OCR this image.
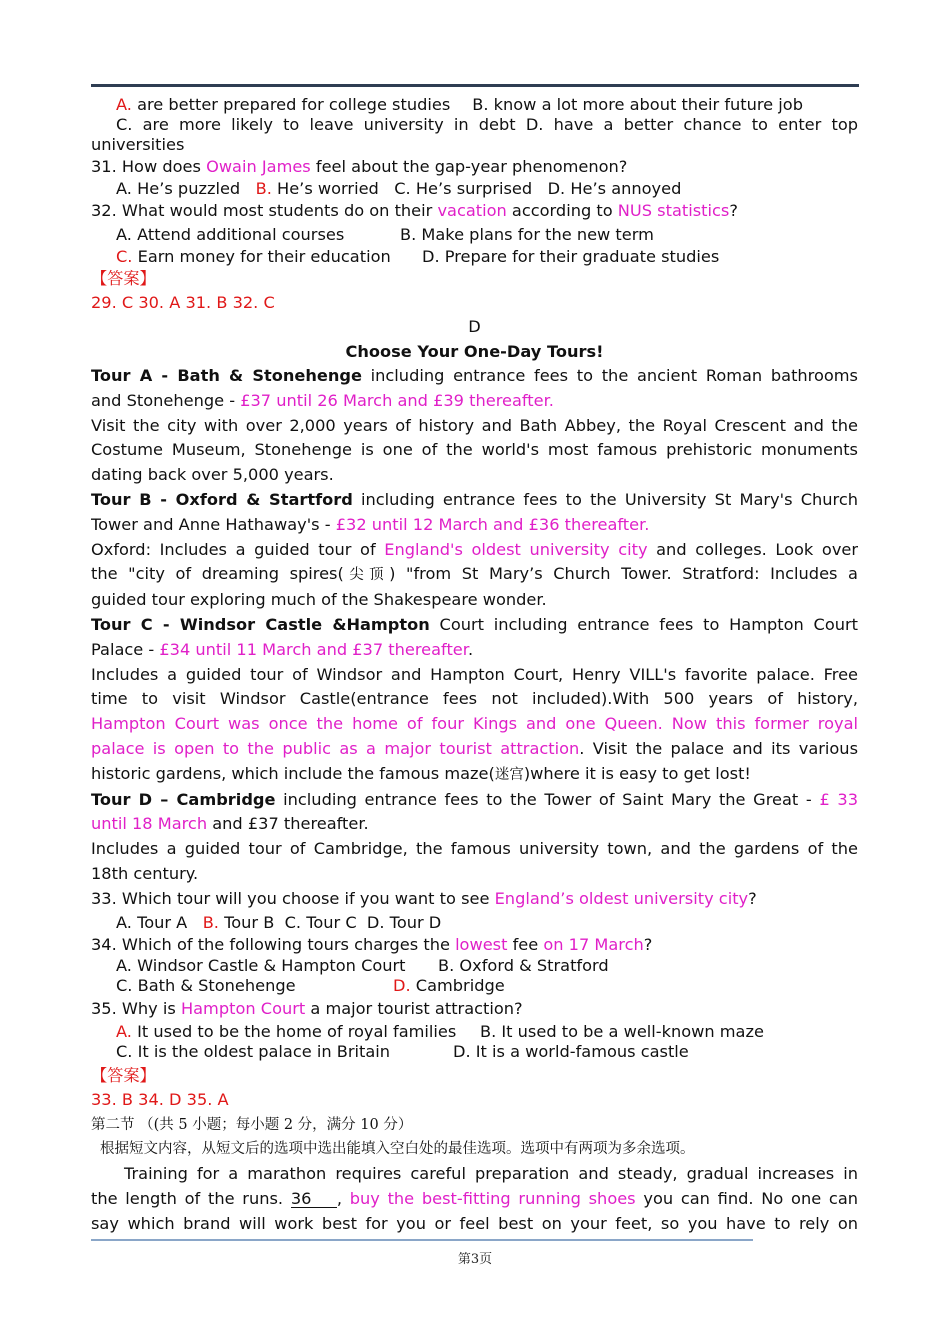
A. are better prepared for college studies B. know a lot more about their future job
C. are more likely to leave university in debt D. have a better chance to enter top
universities
31. How does Owain James feel about the gap-year phenomenon?
A. He’s puzzled B. He’s worried C. He’s surprised D. He’s annoyed
32. What would most students do on their vacation according to NUS statistics?
A. Attend additional courses	B. Make plans for the new term
C. Earn money for their education D. Prepare for their graduate studies
【答案】
29. C 30. A 31. B 32. C
D
Choose Your One-Day Tours!
Tour A - Bath & Stonehenge including entrance fees to the ancient Roman bathrooms
and Stonehenge - £37 until 26 March and £39 thereafter.
Visit the city with over 2,000 years of history and Bath Abbey, the Royal Crescent and the
Costume Museum, Stonehenge is one of the world's most famous prehistoric monuments
dating back over 5,000 years.
Tour B - Oxford & Startford including entrance fees to the University St Mary's Church
Tower and Anne Hathaway's - £32 until 12 March and £36 thereafter.
Oxford: Includes a guided tour of England's oldest university city and colleges. Look over
the "city of dreaming spires(尖顶) "from St Mary’s Church Tower. Stratford: Includes a
guided tour exploring much of the Shakespeare wonder.
Tour C - Windsor Castle &Hampton Court including entrance fees to Hampton Court
Palace - £34 until 11 March and £37 thereafter.
Includes a guided tour of Windsor and Hampton Court, Henry VILL's favorite palace. Free
time to visit Windsor Castle(entrance fees not included).With 500 years of history,
Hampton Court was once the home of four Kings and one Queen. Now this former royal
palace is open to the public as a major tourist attraction. Visit the palace and its various
historic gardens, which include the famous maze(迷宫)where it is easy to get lost!
Tour D – Cambridge including entrance fees to the Tower of Saint Mary the Great - £ 33
until 18 March and £37 thereafter.
Includes a guided tour of Cambridge, the famous university town, and the gardens of the
18th century.
33. Which tour will you choose if you want to see England’s oldest university city?
A. Tour A B. Tour B C. Tour C D. Tour D
34. Which of the following tours charges the lowest fee on 17 March?
A. Windsor Castle & Hampton Court B. Oxford & Stratford
C. Bath & Stonehenge	D. Cambridge
35. Why is Hampton Court a major tourist attraction?
A. It used to be the home of royal families B. It used to be a well-known maze
C. It is the oldest palace in Britain	D. It is a world-famous castle
【答案】
33. B 34. D 35. A
第二节 （(共 5 小题；每小题 2 分，满分 10 分）
根据短文内容，从短文后的选项中选出能填入空白处的最佳选项。选项中有两项为多余选项。
Training for a marathon requires careful preparation and steady, gradual increases in
the length of the runs. 36 , buy the best-fitting running shoes you can find. No one can
say which brand will work best for you or feel best on your feet, so you have to rely on
第3页
